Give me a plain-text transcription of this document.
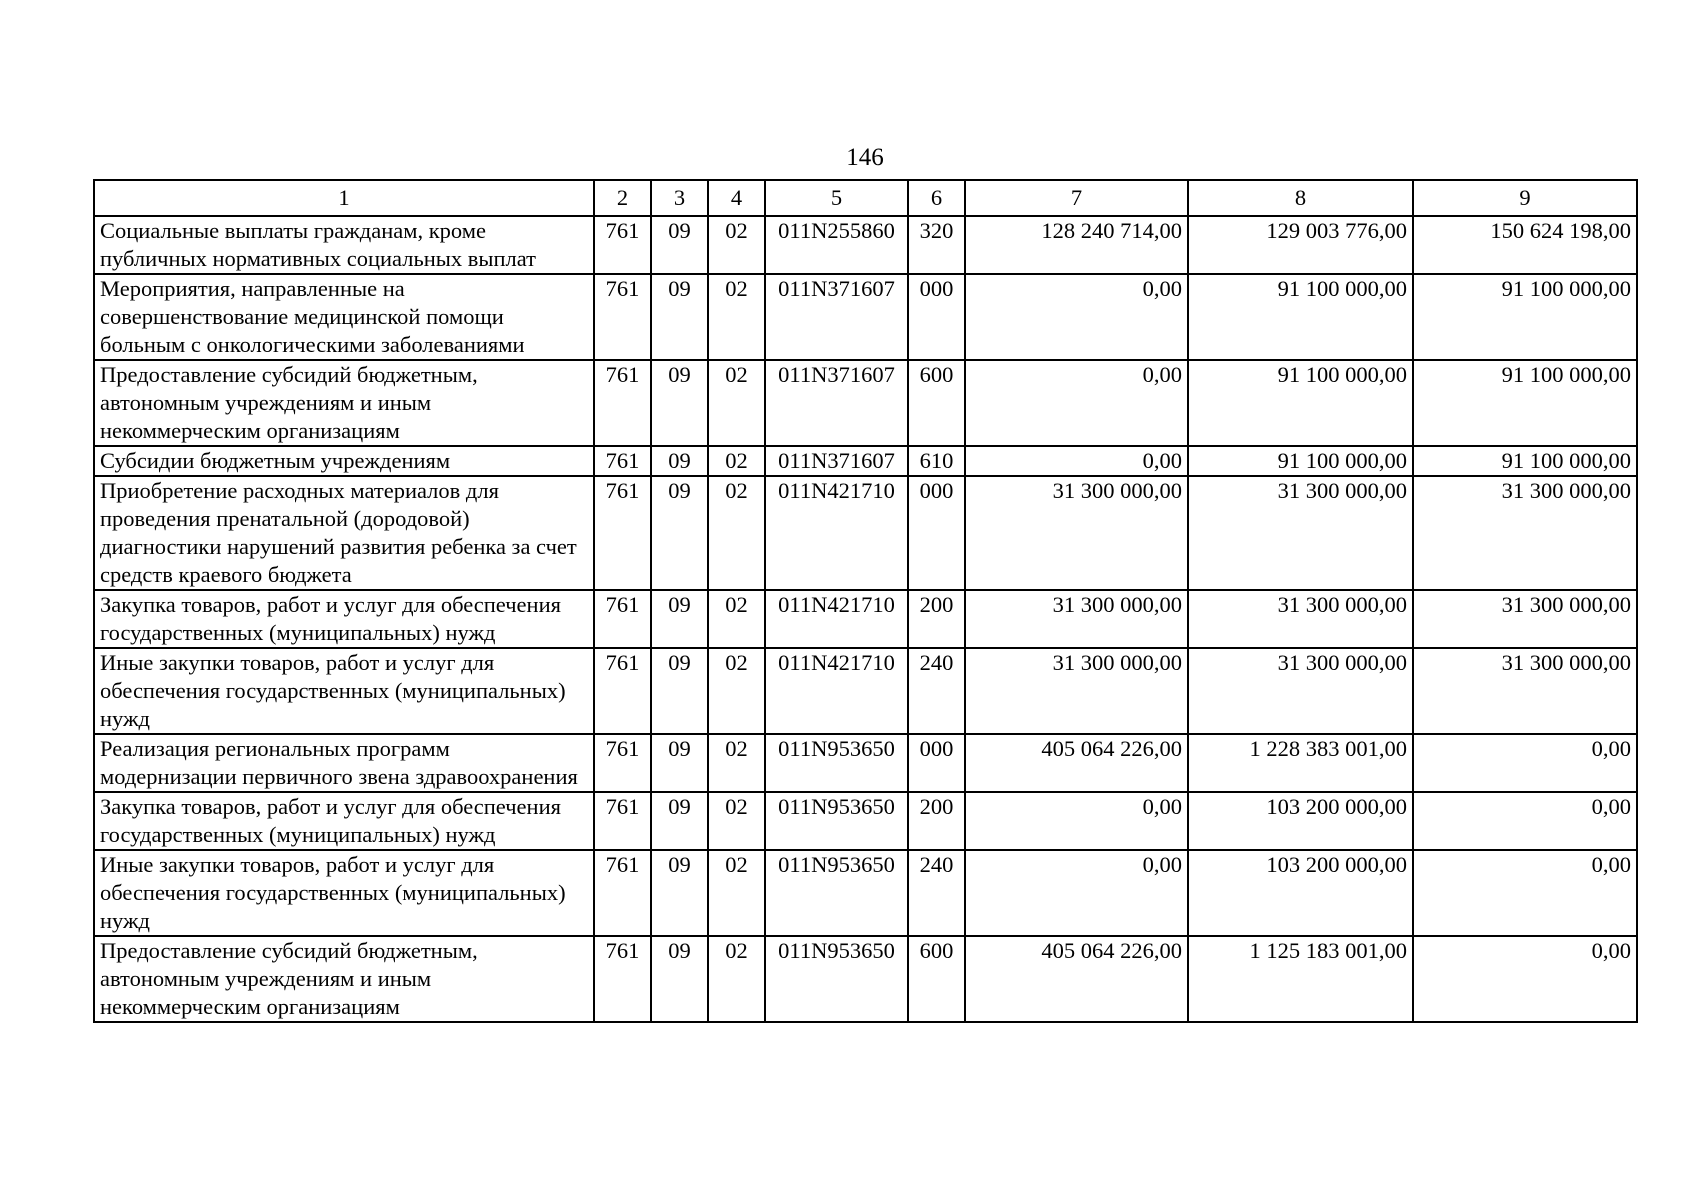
146
1	2	3	4	5	6	7	8	9
Социальные выплаты гражданам, кроме публичных нормативных социальных выплат	761	09	02	011N255860	320	128 240 714,00	129 003 776,00	150 624 198,00
Мероприятия, направленные на совершенствование медицинской помощи больным с онкологическими заболеваниями	761	09	02	011N371607	000	0,00	91 100 000,00	91 100 000,00
Предоставление субсидий бюджетным, автономным учреждениям и иным некоммерческим организациям	761	09	02	011N371607	600	0,00	91 100 000,00	91 100 000,00
Субсидии бюджетным учреждениям	761	09	02	011N371607	610	0,00	91 100 000,00	91 100 000,00
Приобретение расходных материалов для проведения пренатальной (дородовой) диагностики нарушений развития ребенка за счет средств краевого бюджета	761	09	02	011N421710	000	31 300 000,00	31 300 000,00	31 300 000,00
Закупка товаров, работ и услуг для обеспечения государственных (муниципальных) нужд	761	09	02	011N421710	200	31 300 000,00	31 300 000,00	31 300 000,00
Иные закупки товаров, работ и услуг для обеспечения государственных (муниципальных) нужд	761	09	02	011N421710	240	31 300 000,00	31 300 000,00	31 300 000,00
Реализация региональных программ модернизации первичного звена здравоохранения	761	09	02	011N953650	000	405 064 226,00	1 228 383 001,00	0,00
Закупка товаров, работ и услуг для обеспечения государственных (муниципальных) нужд	761	09	02	011N953650	200	0,00	103 200 000,00	0,00
Иные закупки товаров, работ и услуг для обеспечения государственных (муниципальных) нужд	761	09	02	011N953650	240	0,00	103 200 000,00	0,00
Предоставление субсидий бюджетным, автономным учреждениям и иным некоммерческим организациям	761	09	02	011N953650	600	405 064 226,00	1 125 183 001,00	0,00
